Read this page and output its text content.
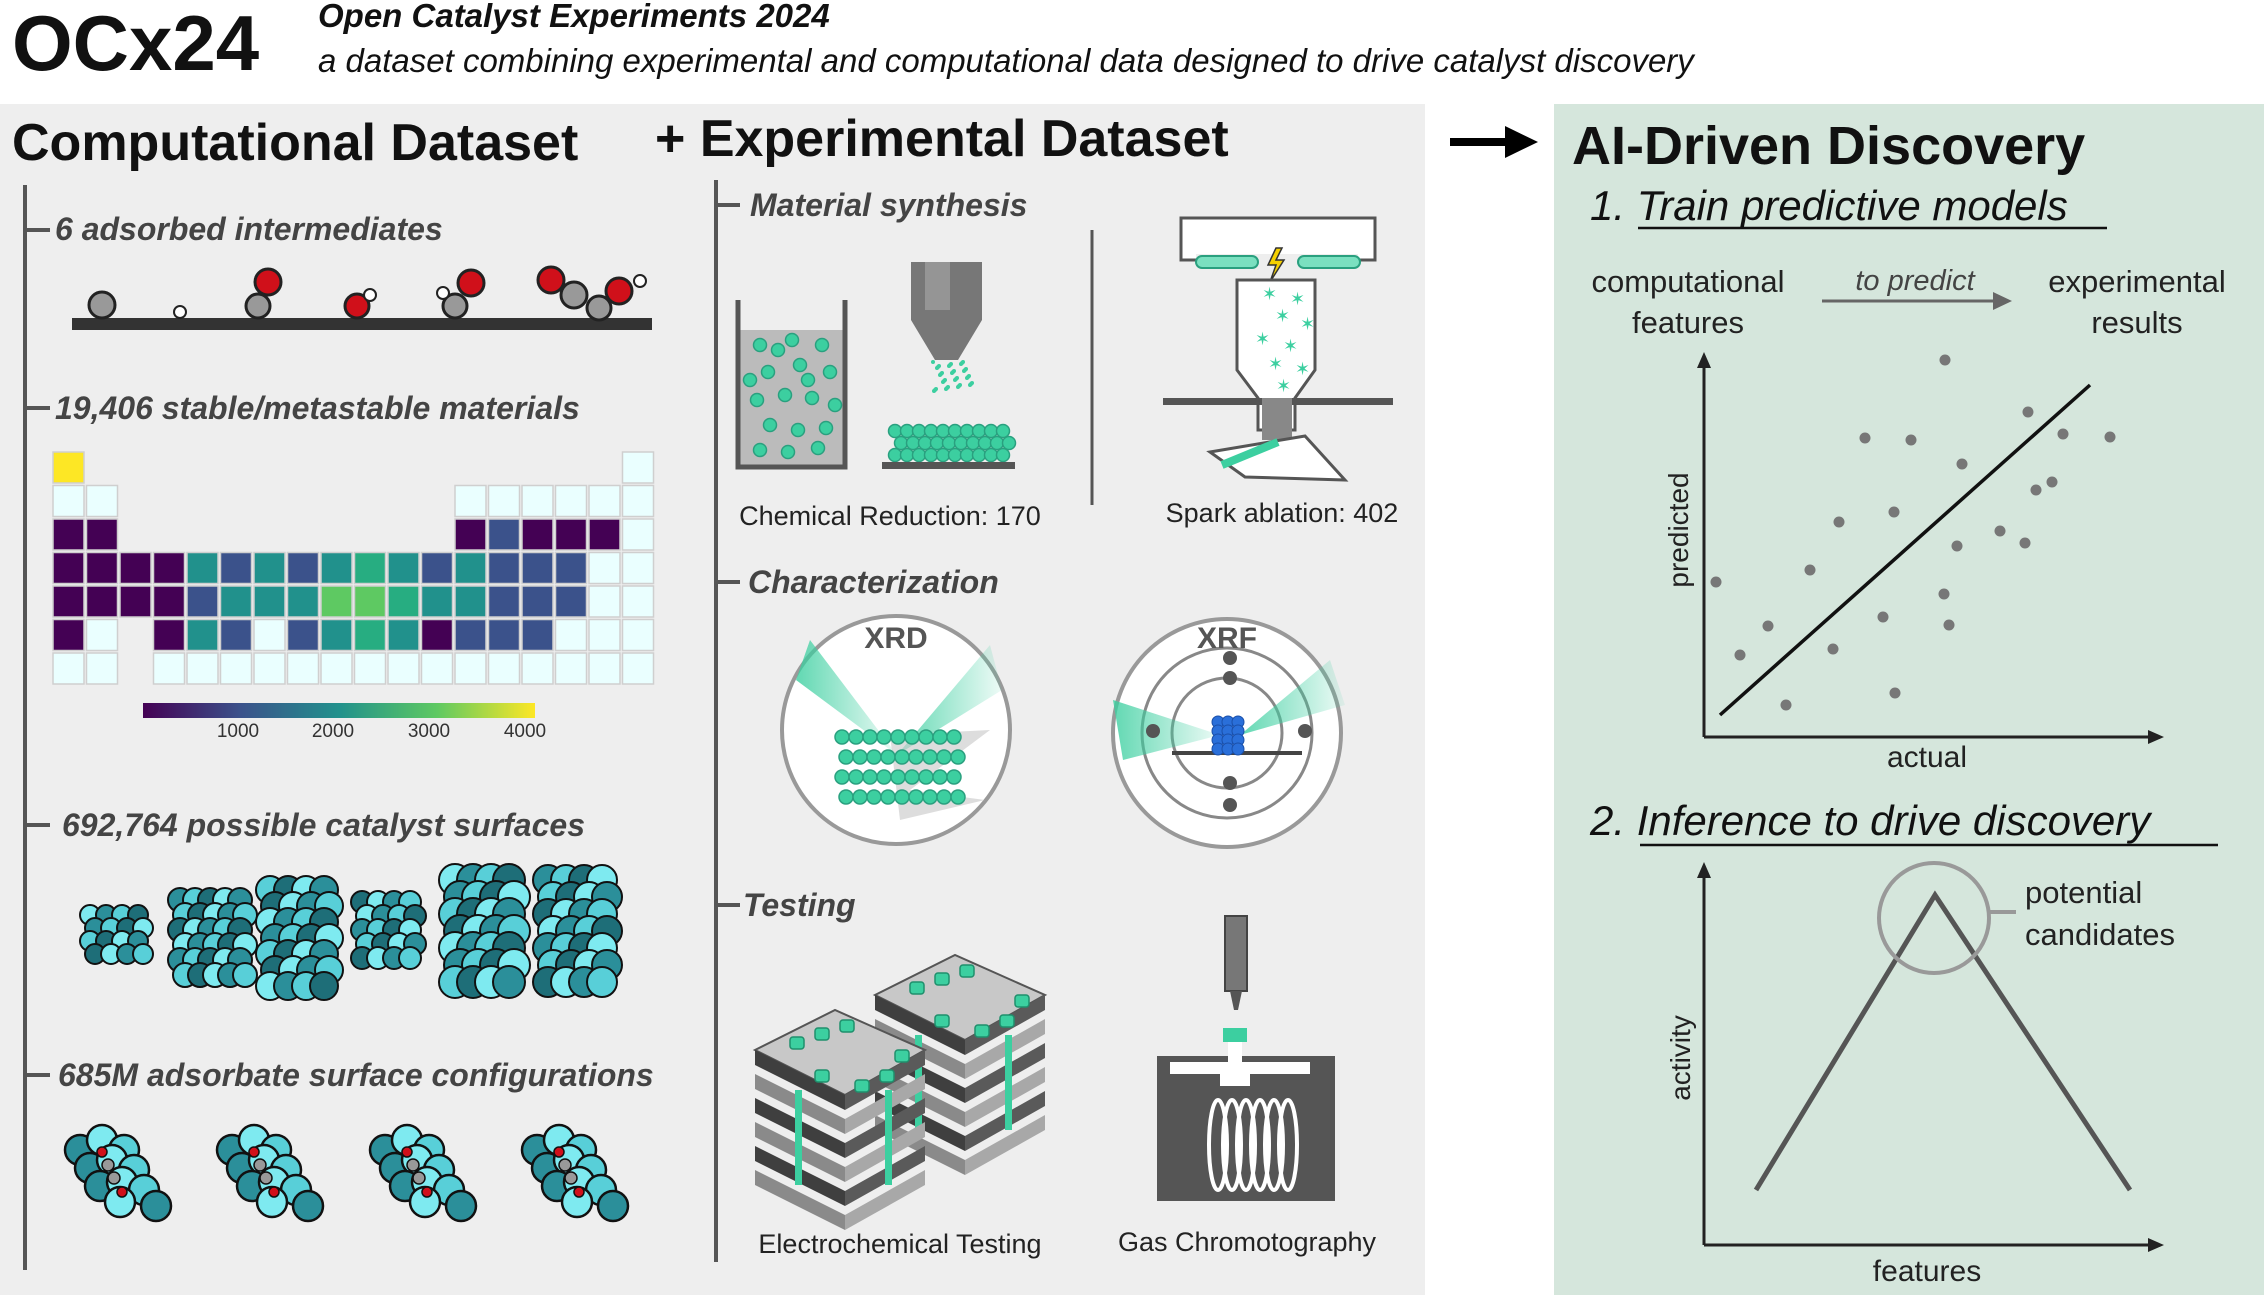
OCx24 Open Catalyst Experiments 2024
a dataset combining experimental and computational data designed to drive catalyst discovery
Computational Dataset
6 adsorbed intermediates
19,406 stable/metastable materials
1000	2000	3000	4000
692,764 possible catalyst surfaces
685M adsorbate surface configurations
+ Experimental Dataset
Material synthesis
✶ ✶
✶ ✶
✶ ✶
✶ ✶
✶
Chemical Reduction: 170	Spark ablation: 402
Characterization
XRD	XRF
Testing
Electrochemical Testing	Gas Chromotography
AI-Driven Discovery
1. Train predictive models
computational
features
to predict experimental
results
predicted
actual
2. Inference to drive discovery
potential
candidates
activity
features
